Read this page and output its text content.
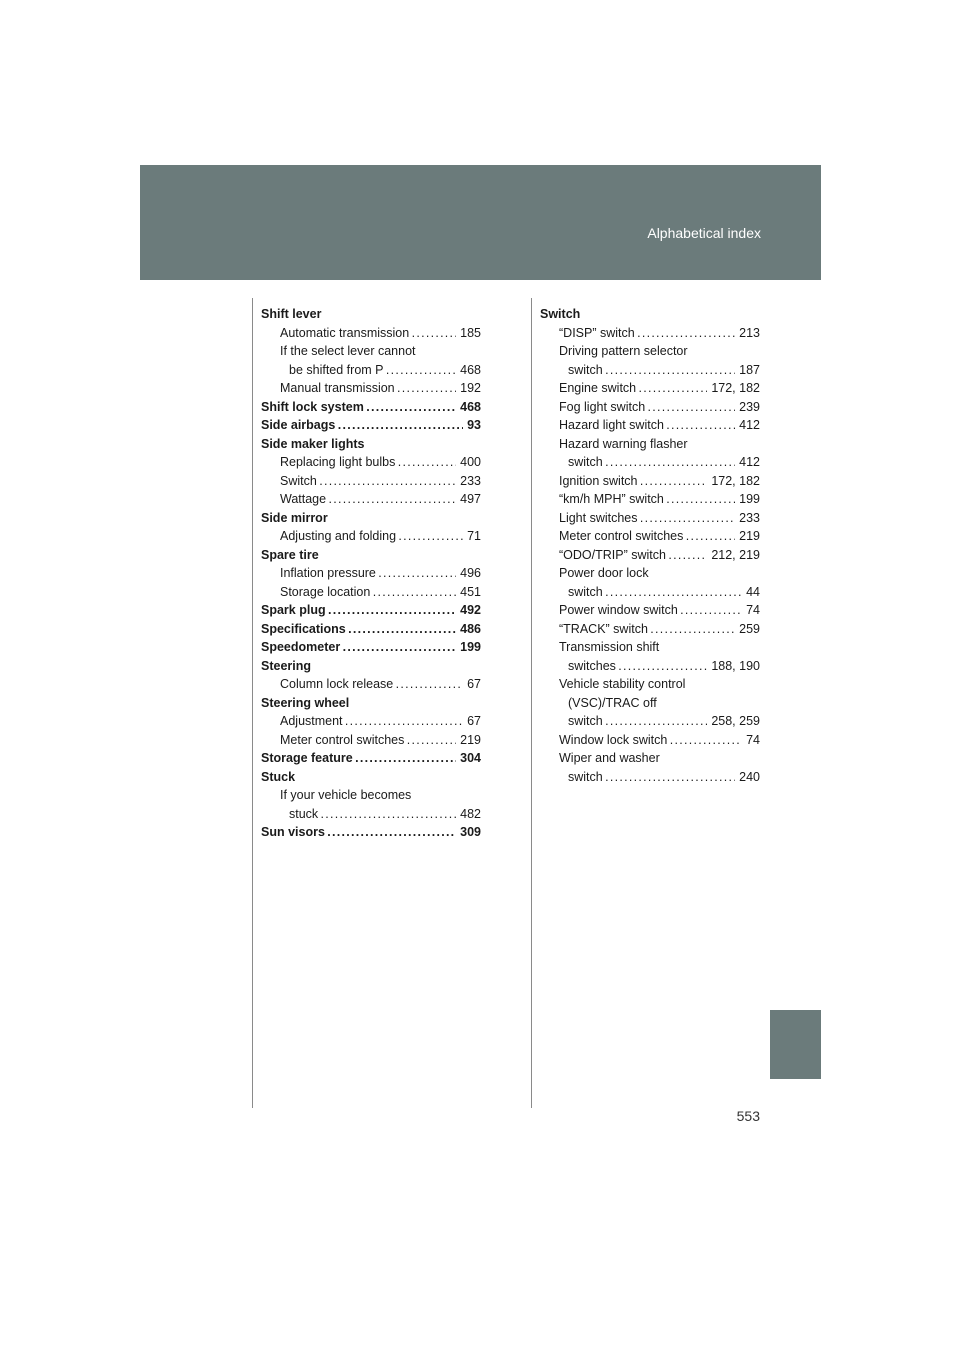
Alphabetical index
Shift lever
Automatic transmission	185
. . .
If the select lever cannot
be shifted from P	468
. . .
Manual transmission	192
. . .
Shift lock system	468
. . .
Side airbags	93
. . .
Side maker lights
Replacing light bulbs	400
. . .
Switch	233
. . .
Wattage	497
. . .
Side mirror
Adjusting and folding	71
. . .
Spare tire
Inflation pressure	496
. . .
Storage location	451
. . .
Spark plug	492
. . .
Specifications	486
. . .
Speedometer	199
. . .
Steering
Column lock release	67
. . .
Steering wheel
Adjustment	67
. . .
Meter control switches	219
. . .
Storage feature	304
. . .
Stuck
If your vehicle becomes
stuck	482
. . .
Sun visors	309
. . .
Switch
“DISP” switch	213
. . .
Driving pattern selector
switch	187
. . .
Engine switch	172, 182
. . .
Fog light switch	239
. . .
Hazard light switch	412
. . .
Hazard warning flasher
switch	412
. . .
Ignition switch	172, 182
. . .
“km/h MPH” switch	199
. . .
Light switches	233
. . .
Meter control switches	219
. . .
“ODO/TRIP” switch	212, 219
. . .
Power door lock
switch	44
. . .
Power window switch	74
. . .
“TRACK” switch	259
. . .
Transmission shift
switches	188, 190
. . .
Vehicle stability control
(VSC)/TRAC off
switch	258, 259
. . .
Window lock switch	74
. . .
Wiper and washer
switch	240
. . .
553
